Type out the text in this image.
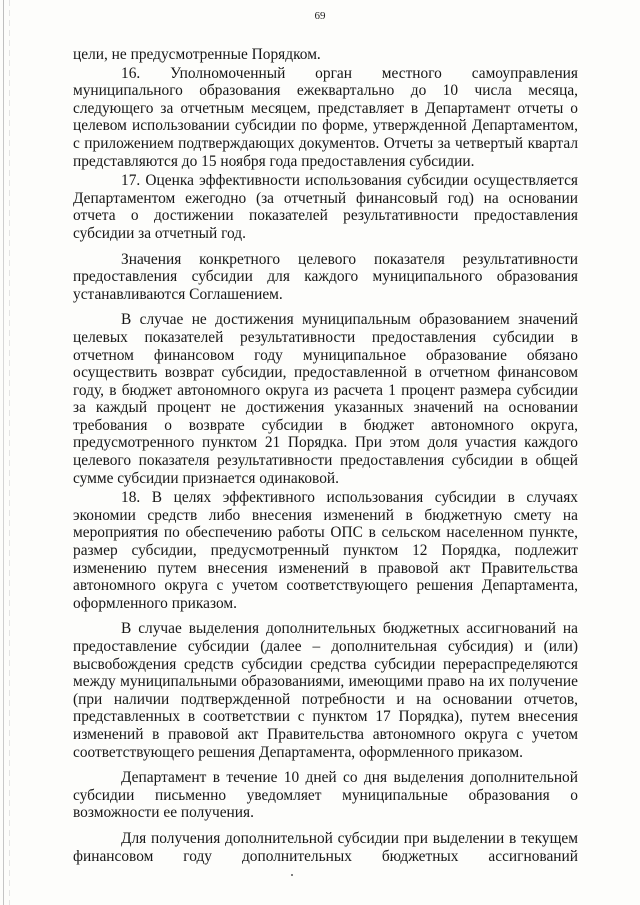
69

цели, не предусмотренные Порядком.

16. Уполномоченный орган местного самоуправления муниципального образования ежеквартально до 10 числа месяца, следующего за отчетным месяцем, представляет в Департамент отчеты о целевом использовании субсидии по форме, утвержденной Департаментом, с приложением подтверждающих документов. Отчеты за четвертый квартал представляются до 15 ноября года предоставления субсидии.

17. Оценка эффективности использования субсидии осуществляется Департаментом ежегодно (за отчетный финансовый год) на основании отчета о достижении показателей результативности предоставления субсидии за отчетный год.

Значения конкретного целевого показателя результативности предоставления субсидии для каждого муниципального образования устанавливаются Соглашением.

В случае не достижения муниципальным образованием значений целевых показателей результативности предоставления субсидии в отчетном финансовом году муниципальное образование обязано осуществить возврат субсидии, предоставленной в отчетном финансовом году, в бюджет автономного округа из расчета 1 процент размера субсидии за каждый процент не достижения указанных значений на основании требования о возврате субсидии в бюджет автономного округа, предусмотренного пунктом 21 Порядка. При этом доля участия каждого целевого показателя результативности предоставления субсидии в общей сумме субсидии признается одинаковой.

18. В целях эффективного использования субсидии в случаях экономии средств либо внесения изменений в бюджетную смету на мероприятия по обеспечению работы ОПС в сельском населенном пункте, размер субсидии, предусмотренный пунктом 12 Порядка, подлежит изменению путем внесения изменений в правовой акт Правительства автономного округа с учетом соответствующего решения Департамента, оформленного приказом.

В случае выделения дополнительных бюджетных ассигнований на предоставление субсидии (далее – дополнительная субсидия) и (или) высвобождения средств субсидии средства субсидии перераспределяются между муниципальными образованиями, имеющими право на их получение (при наличии подтвержденной потребности и на основании отчетов, представленных в соответствии с пунктом 17 Порядка), путем внесения изменений в правовой акт Правительства автономного округа с учетом соответствующего решения Департамента, оформленного приказом.

Департамент в течение 10 дней со дня выделения дополнительной субсидии письменно уведомляет муниципальные образования о возможности ее получения.

Для получения дополнительной субсидии при выделении в текущем финансовом году дополнительных бюджетных ассигнований
